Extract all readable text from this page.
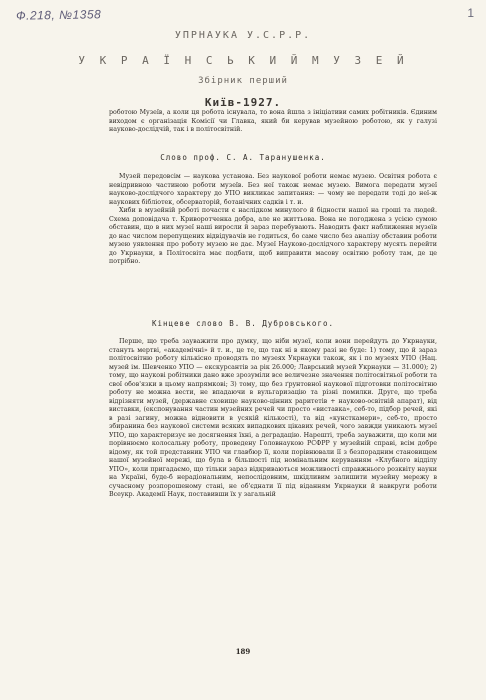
Ф.218, №1358	1
УПРНАУКА У.С.Р.Р.
У К Р А Ї Н С Ь К И Й М У З Е Й
Збірник перший
Київ-1927.

роботою Музеїв, а коли ця робота існувала, то вона йшла з ініціативи самих робітників. Єдиним виходом є організація Комісії чи Главка, який би керував музейною роботою, як у галузі науково-дослідчій, так і в політосвітній.

Слово проф. С. А. Таранушенка.

Музей передовсім — наукова установа. Без наукової роботи немає музею. Освітня робота є невідривною частиною роботи музеїв. Без неї також немає музею. Вимога передати музеї науково-дослідчого характеру до УПО викликає запитання: — чому не передати тоді до неї-ж наукових бібліотек, обсерваторій, ботанічних садків і т. и.

Хиби в музейній роботі почасти є наслідком минулого й бідности нашої на гроші та людей. Схема доповідача т. Криворотченка добра, але не життьова. Вона не погоджена з усією сумою обставин, що в них музеї наші виросли й зараз перебувають. Наводить факт наближення музеїв до нас числом перепущених відвідувачів не годиться, бо саме число без аналізу обставин роботи музею уявлення про роботу музею не дає. Музеї Науково-дослідчого характеру мусять перейти до Укрнауки, в Політосвіта має подбати, щоб виправити масову освітню роботу там, де це потрібно.

Кінцеве слово В. В. Дубровського.

Перше, що треба зауважити про думку, що ніби музеї, коли вони перейдуть до Укрнауки, стануть мертві, «академічні» й т. и., це те, що так ні в якому разі не буде: 1) тому, що й зараз політосвітню роботу кількісно проводять по музеях Укрнауки також, як і по музеях УПО (Нац. музей ім. Шевченко УПО — екскурсантів за рік 26.000; Лаврський музей Укрнауки — 31.000); 2) тому, що наукові робітники дано вже зрозуміли все величезне значення політосвітньої роботи та свої обов'язки в цьому напрямкові; 3) тому, що без ґрунтовної наукової підготовки політосвітню роботу не можна вести, не впадаючи в вульгаризацію та різні помилки. Друге, що треба відрізняти музей, (державне сховище науково-цінних раритетів + науково-освітній апарат), від виставки, (експонування частин музейних речей чи просто «виставка», себ-то, підбор речей, які в разі загину, можна відновити в усякій кількості), та від «кунсткамери», себ-то, просто збиранина без наукової системи всяких випадкових цікавих речей, чого завжди уникають музеї УПО, що характеризує не досягнення їхні, а деградацію. Нарешті, треба зауважити, що коли ми порівнюємо колосальну роботу, проведену Головнаукою РСФРР у музейній справі, всім добре відому, як той представник УПО чи главбюр її, коли порівнювали її з безпорадним становищем нашої музейної мережі, що була в більшості під номінальним керуванням «Клубного відділу УПО», коли пригадаємо, що тільки зараз відкриваються можливості справжнього розквіту науки на Україні, буде-б нерадіональним, непослідовним, шкідливим залишити музейну мережу в сучасному розпорошеному стані, не об'єднати її під віданням Укрнауки й навкруги роботи Всеукр. Академії Наук, поставивши їх у загальній

189
